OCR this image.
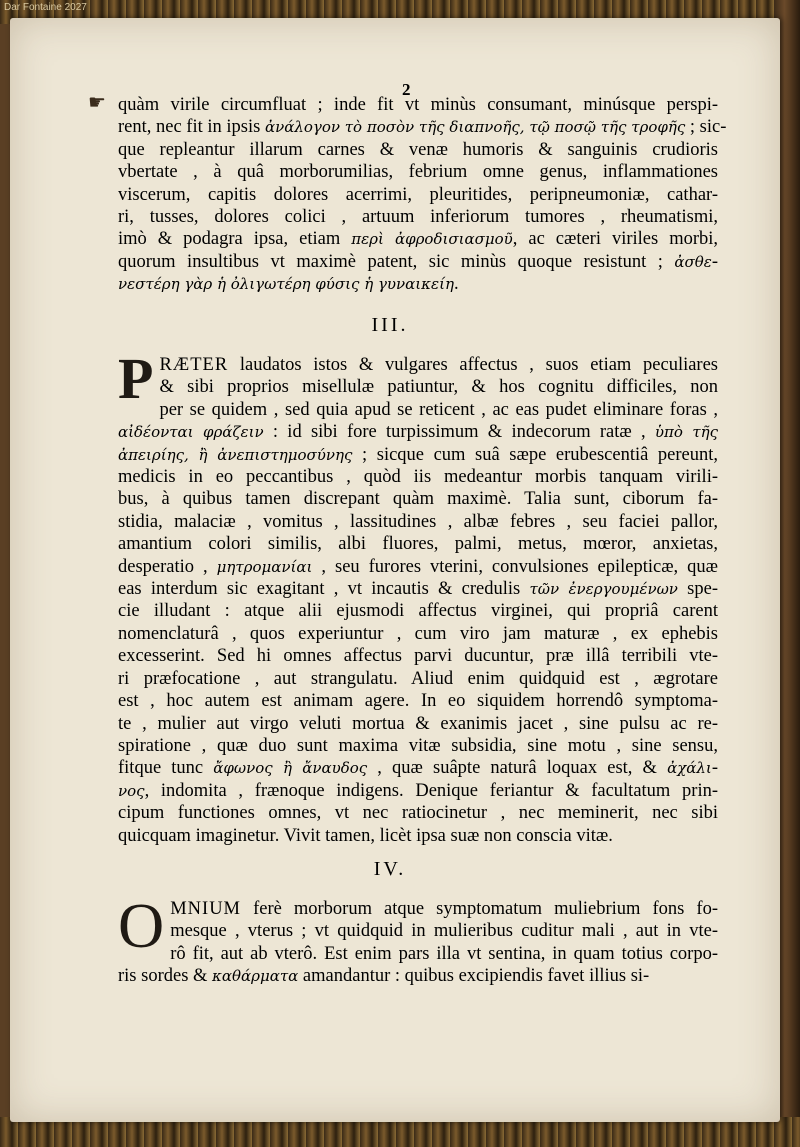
Dar Fontaine 2027
2
☛ quàm virile circumfluat ; inde fit vt minùs consumant, minúsque perspi-
rent, nec fit in ipsis ἀνάλογον τὸ ποσὸν τῆς διαπνοῆς, τῷ ποσῷ τῆς τροφῆς ; sic-
que repleantur illarum carnes & venæ humoris & sanguinis crudioris
vbertate , à quâ morborumilias, febrium omne genus, inflammationes
viscerum, capitis dolores acerrimi, pleuritides, peripneumoniæ, cathar-
ri, tusses, dolores colici , artuum inferiorum tumores , rheumatismi,
imò & podagra ipsa, etiam περὶ ἀφροδισιασμοῦ, ac cæteri viriles morbi,
quorum insultibus vt maximè patent, sic minùs quoque resistunt ; ἀσθε-
νεστέρη γὰρ ἡ ὀλιγωτέρη φύσις ἡ γυναικείη.
III.
P RÆTER laudatos istos & vulgares affectus , suos etiam peculiares
& sibi proprios misellulæ patiuntur, & hos cognitu difficiles, non
per se quidem , sed quia apud se reticent , ac eas pudet eliminare foras ,
αἰδέονται φράζειν : id sibi fore turpissimum & indecorum ratæ , ὑπὸ τῆς
ἀπειρίης, ἢ ἀνεπιστημοσύνης ; sicque cum suâ sæpe erubescentiâ pereunt,
medicis in eo peccantibus , quòd iis medeantur morbis tanquam virili-
bus, à quibus tamen discrepant quàm maximè. Talia sunt, ciborum fa-
stidia, malaciæ , vomitus , lassitudines , albæ febres , seu faciei pallor,
amantium colori similis, albi fluores, palmi, metus, mœror, anxietas,
desperatio , μητρομανίαι , seu furores vterini, convulsiones epilepticæ, quæ
eas interdum sic exagitant , vt incautis & credulis τῶν ἐνεργουμένων spe-
cie illudant : atque alii ejusmodi affectus virginei, qui propriâ carent
nomenclaturâ , quos experiuntur , cum viro jam maturæ , ex ephebis
excesserint. Sed hi omnes affectus parvi ducuntur, præ illâ terribili vte-
ri præfocatione , aut strangulatu. Aliud enim quidquid est , ægrotare
est , hoc autem est animam agere. In eo siquidem horrendô symptoma-
te , mulier aut virgo veluti mortua & exanimis jacet , sine pulsu ac re-
spiratione , quæ duo sunt maxima vitæ subsidia, sine motu , sine sensu,
fitque tunc ἄφωνος ἢ ἄναυδος , quæ suâpte naturâ loquax est, & ἀχάλι-
νος, indomita , frænoque indigens. Denique feriantur & facultatum prin-
cipum functiones omnes, vt nec ratiocinetur , nec meminerit, nec sibi
quicquam imaginetur. Vivit tamen, licèt ipsa suæ non conscia vitæ.
IV.
O MNIUM ferè morborum atque symptomatum muliebrium fons fo-
mesque , vterus ; vt quidquid in mulieribus cuditur mali , aut in vte-
rô fit, aut ab vterô. Est enim pars illa vt sentina, in quam totius corpo-
ris sordes & καθάρματα amandantur : quibus excipiendis favet illius si-
